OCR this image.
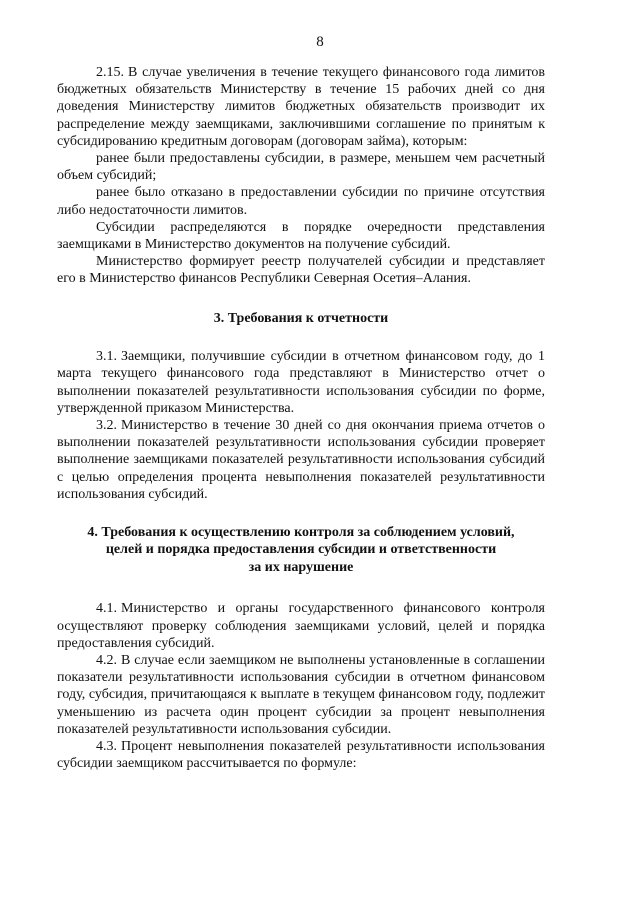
8

2.15. В случае увеличения в течение текущего финансового года лимитов бюджетных обязательств Министерству в течение 15 рабочих дней со дня доведения Министерству лимитов бюджетных обязательств производит их распределение между заемщиками, заключившими соглашение по принятым к субсидированию кредитным договорам (договорам займа), которым:

ранее были предоставлены субсидии, в размере, меньшем чем расчетный объем субсидий;

ранее было отказано в предоставлении субсидии по причине отсутствия либо недостаточности лимитов.

Субсидии распределяются в порядке очередности представления заемщиками в Министерство документов на получение субсидий.

Министерство формирует реестр получателей субсидии и представляет его в Министерство финансов Республики Северная Осетия–Алания.

3. Требования к отчетности

3.1. Заемщики, получившие субсидии в отчетном финансовом году, до 1 марта текущего финансового года представляют в Министерство отчет о выполнении показателей результативности использования субсидии по форме, утвержденной приказом Министерства.

3.2. Министерство в течение 30 дней со дня окончания приема отчетов о выполнении показателей результативности использования субсидии проверяет выполнение заемщиками показателей результативности использования субсидий с целью определения процента невыполнения показателей результативности использования субсидий.

4. Требования к осуществлению контроля за соблюдением условий,
целей и порядка предоставления субсидии и ответственности
за их нарушение

4.1. Министерство и органы государственного финансового контроля осуществляют проверку соблюдения заемщиками условий, целей и порядка предоставления субсидий.

4.2. В случае если заемщиком не выполнены установленные в соглашении показатели результативности использования субсидии в отчетном финансовом году, субсидия, причитающаяся к выплате в текущем финансовом году, подлежит уменьшению из расчета один процент субсидии за процент невыполнения показателей результативности использования субсидии.

4.3. Процент невыполнения показателей результативности использования субсидии заемщиком рассчитывается по формуле:
